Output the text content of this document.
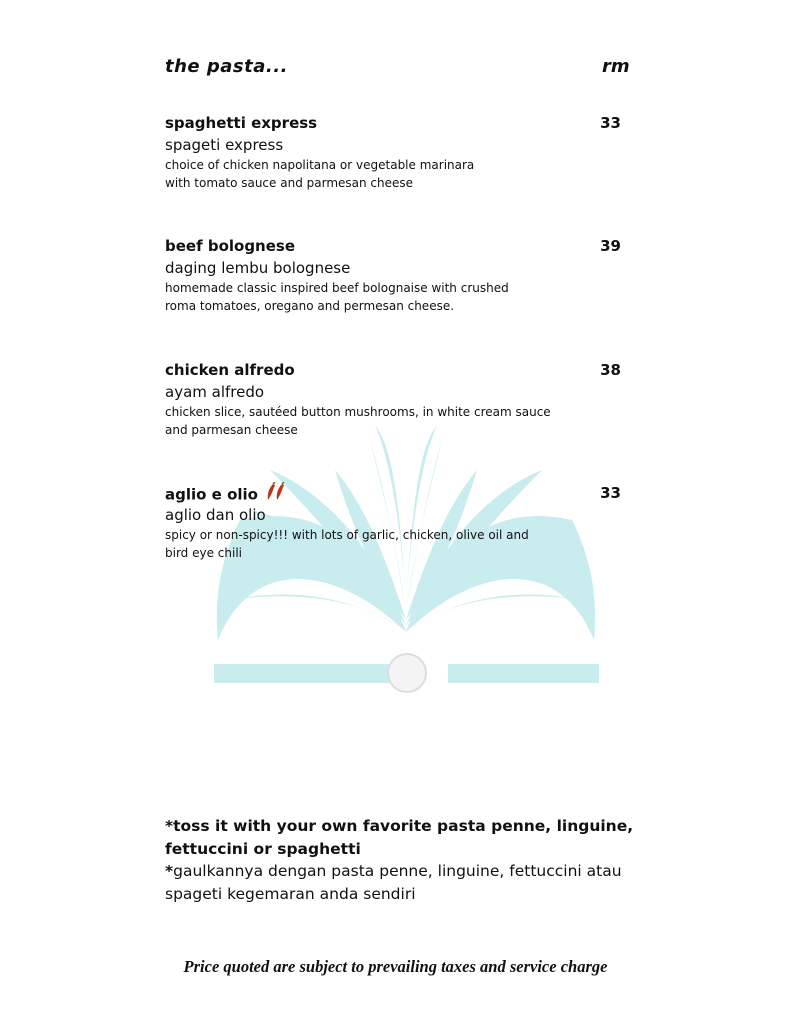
the pasta...	rm
spaghetti express	33
spageti express
choice of chicken napolitana or vegetable marinara
with tomato sauce and parmesan cheese
beef bolognese	39
daging lembu bolognese
homemade classic inspired beef bolognaise with crushed
roma tomatoes, oregano and permesan cheese.
chicken alfredo	38
ayam alfredo
chicken slice, sautéed button mushrooms, in white cream sauce
and parmesan cheese
aglio e olio	33
aglio dan olio
spicy or non-spicy!!! with lots of garlic, chicken, olive oil and
bird eye chili
*toss it with your own favorite pasta penne, linguine,
fettuccini or spaghetti
*gaulkannya dengan pasta penne, linguine, fettuccini atau
spageti kegemaran anda sendiri
Price quoted are subject to prevailing taxes and service charge
